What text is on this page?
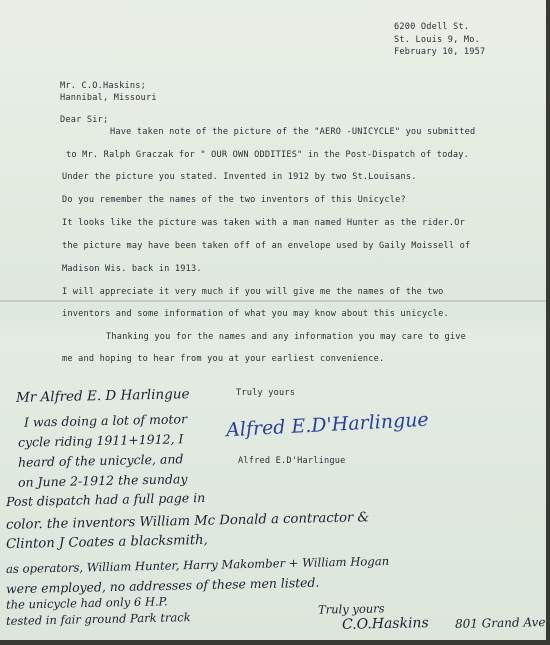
6200 Odell St.
St. Louis 9, Mo.
February 10, 1957
Mr. C.O.Haskins;
Hannibal, Missouri
Dear Sir;
Have taken note of the picture of the "AERO -UNICYCLE" you submitted
to Mr. Ralph Graczak for " OUR OWN ODDITIES" in the Post-Dispatch of today.
Under the picture you stated. Invented in 1912 by two St.Louisans.
Do you remember the names of the two inventors of this Unicycle?
It looks like the picture was taken with a man named Hunter as the rider.Or
the picture may have been taken off of an envelope used by Gaily Moissell of
Madison Wis. back in 1913.
I will appreciate it very much if you will give me the names of the two
inventors and some information of what you may know about this unicycle.
Thanking you for the names and any information you may care to give
me and hoping to hear from you at your earliest convenience.
Truly yours
Alfred E.D'Harlingue
Alfred E.D'Harlingue
Mr Alfred E. D Harlingue
I was doing a lot of motor
cycle riding 1911+1912, I
heard of the unicycle, and
on June 2-1912 the sunday
Post dispatch had a full page in
color. the inventors William Mc Donald a contractor &
Clinton J Coates a blacksmith,
as operators, William Hunter, Harry Makomber + William Hogan
were employed, no addresses of these men listed.
the unicycle had only 6 H.P.
tested in fair ground Park track
Truly yours
C.O.Haskins 801 Grand Ave
